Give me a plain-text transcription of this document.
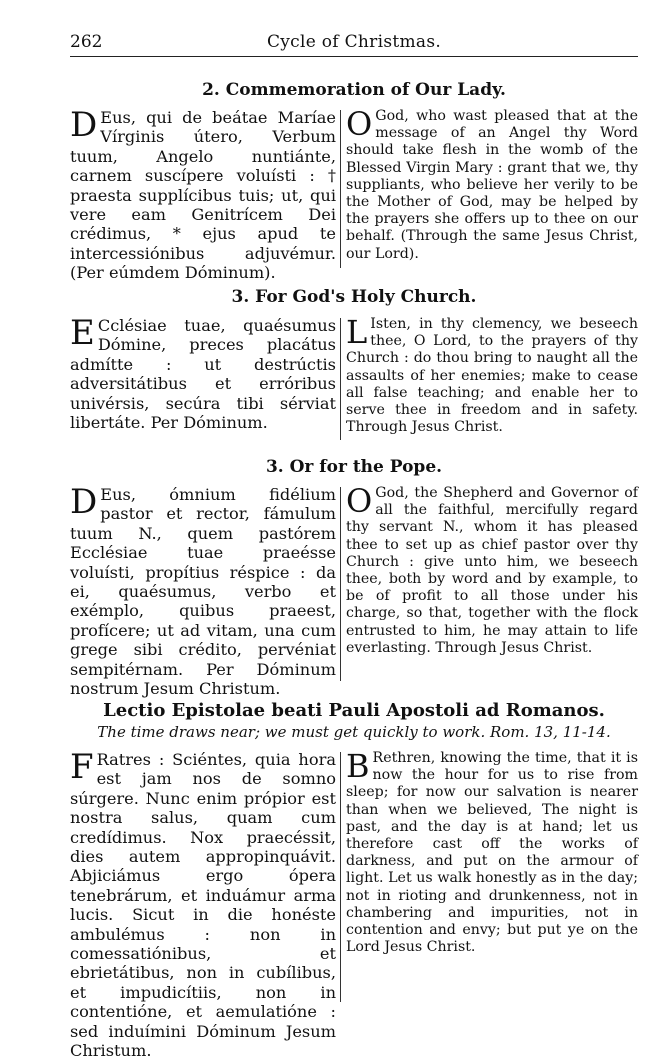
262	Cycle of Christmas.
2. Commemoration of Our Lady.

D Eus, qui de beátae Maríae Vírginis útero, Verbum tuum, Angelo nuntiánte, carnem suscípere voluísti : † praesta supplícibus tuis; ut, qui vere eam Genitrícem Dei crédimus, * ejus apud te intercessiónibus adjuvémur. (Per eúmdem Dóminum).

O God, who wast pleased that at the message of an Angel thy Word should take flesh in the womb of the Blessed Virgin Mary : grant that we, thy suppliants, who believe her verily to be the Mother of God, may be helped by the prayers she offers up to thee on our behalf. (Through the same Jesus Christ, our Lord).

3. For God's Holy Church.

E Cclésiae tuae, quaésumus Dómine, preces placátus admítte : ut destrúctis adversitátibus et erróribus univérsis, secúra tibi sérviat libertáte. Per Dóminum.

L Isten, in thy clemency, we beseech thee, O Lord, to the prayers of thy Church : do thou bring to naught all the assaults of her enemies; make to cease all false teaching; and enable her to serve thee in freedom and in safety. Through Jesus Christ.

3. Or for the Pope.

D Eus, ómnium fidélium pastor et rector, fámulum tuum N., quem pastórem Ecclésiae tuae praeésse voluísti, propítius réspice : da ei, quaésumus, verbo et exémplo, quibus praeest, profícere; ut ad vitam, una cum grege sibi crédito, pervéniat sempitérnam. Per Dóminum nostrum Jesum Christum.

O God, the Shepherd and Governor of all the faithful, mercifully regard thy servant N., whom it has pleased thee to set up as chief pastor over thy Church : give unto him, we beseech thee, both by word and by example, to be of profit to all those under his charge, so that, together with the flock entrusted to him, he may attain to life everlasting. Through Jesus Christ.

Lectio Epistolae beati Pauli Apostoli ad Romanos.
The time draws near; we must get quickly to work. Rom. 13, 11-14.

F Ratres : Sciéntes, quia hora est jam nos de somno súrgere. Nunc enim própior est nostra salus, quam cum credídimus. Nox praecéssit, dies autem appropinquávit. Abjiciámus ergo ópera tenebrárum, et induámur arma lucis. Sicut in die honéste ambulémus : non in comessatiónibus, et ebrietátibus, non in cubílibus, et impudicítiis, non in contentióne, et aemulatióne : sed induímini Dóminum Jesum Christum.

B Rethren, knowing the time, that it is now the hour for us to rise from sleep; for now our salvation is nearer than when we believed, The night is past, and the day is at hand; let us therefore cast off the works of darkness, and put on the armour of light. Let us walk honestly as in the day; not in rioting and drunkenness, not in chambering and impurities, not in contention and envy; but put ye on the Lord Jesus Christ.
